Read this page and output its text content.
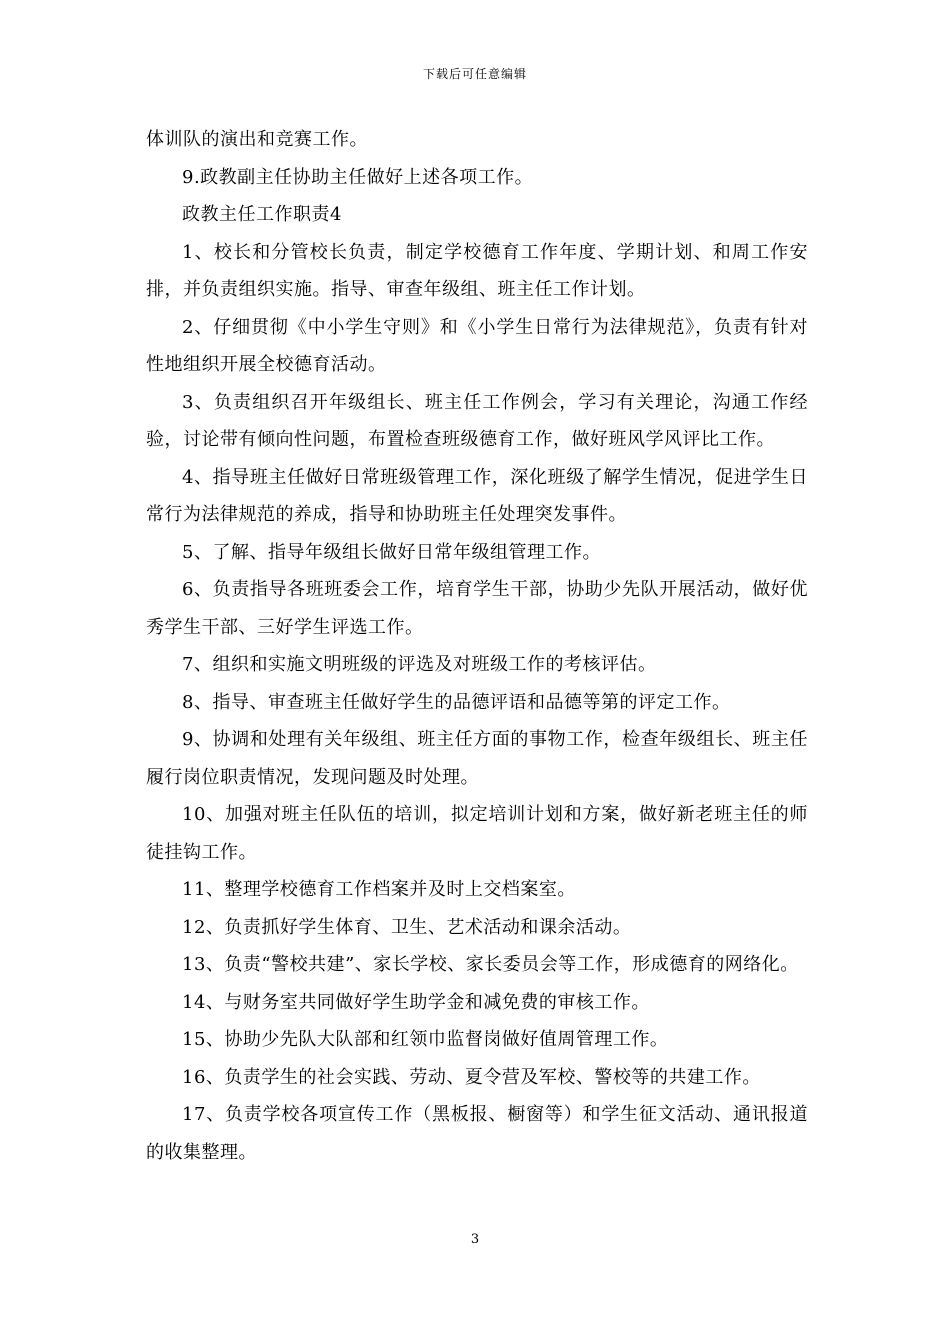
下载后可任意编辑

体训队的演出和竞赛工作。

9.政教副主任协助主任做好上述各项工作。

政教主任工作职责4

1、校长和分管校长负责，制定学校德育工作年度、学期计划、和周工作安排，并负责组织实施。指导、审查年级组、班主任工作计划。

2、仔细贯彻《中小学生守则》和《小学生日常行为法律规范》，负责有针对性地组织开展全校德育活动。

3、负责组织召开年级组长、班主任工作例会，学习有关理论，沟通工作经验，讨论带有倾向性问题，布置检查班级德育工作，做好班风学风评比工作。

4、指导班主任做好日常班级管理工作，深化班级了解学生情况，促进学生日常行为法律规范的养成，指导和协助班主任处理突发事件。

5、了解、指导年级组长做好日常年级组管理工作。

6、负责指导各班班委会工作，培育学生干部，协助少先队开展活动，做好优秀学生干部、三好学生评选工作。

7、组织和实施文明班级的评选及对班级工作的考核评估。

8、指导、审查班主任做好学生的品德评语和品德等第的评定工作。

9、协调和处理有关年级组、班主任方面的事物工作，检查年级组长、班主任履行岗位职责情况，发现问题及时处理。

10、加强对班主任队伍的培训，拟定培训计划和方案，做好新老班主任的师徒挂钩工作。

11、整理学校德育工作档案并及时上交档案室。

12、负责抓好学生体育、卫生、艺术活动和课余活动。

13、负责“警校共建”、家长学校、家长委员会等工作，形成德育的网络化。

14、与财务室共同做好学生助学金和减免费的审核工作。

15、协助少先队大队部和红领巾监督岗做好值周管理工作。

16、负责学生的社会实践、劳动、夏令营及军校、警校等的共建工作。

17、负责学校各项宣传工作（黑板报、橱窗等）和学生征文活动、通讯报道的收集整理。

3
